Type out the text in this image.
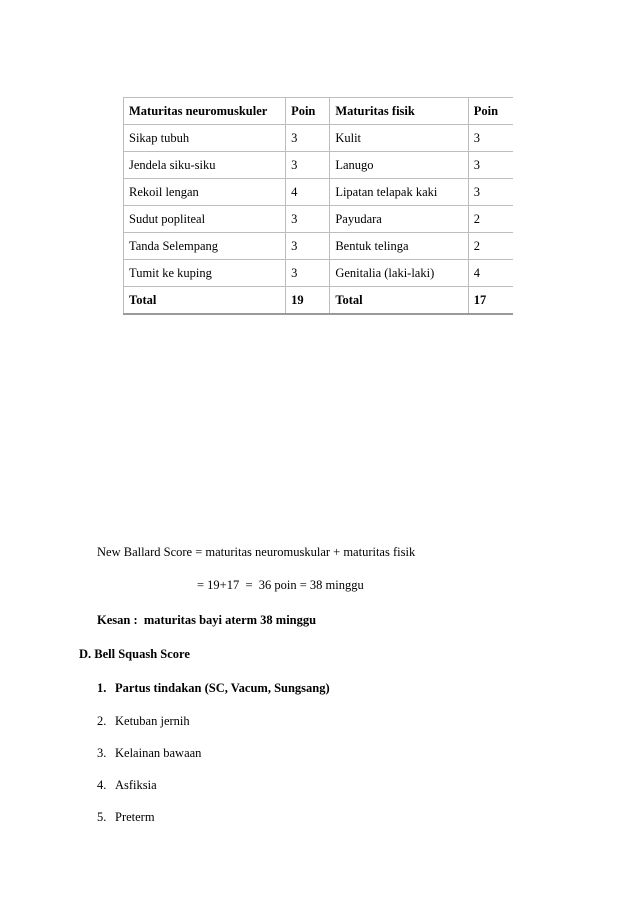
Maturitas neuromuskuler	Poin	Maturitas fisik	Poin
Sikap tubuh	3	Kulit	3
Jendela siku-siku	3	Lanugo	3
Rekoil lengan	4	Lipatan telapak kaki	3
Sudut popliteal	3	Payudara	2
Tanda Selempang	3	Bentuk telinga	2
Tumit ke kuping	3	Genitalia (laki-laki)	4
Total	19	Total	17
New Ballard Score = maturitas neuromuskular + maturitas fisik
= 19+17  =  36 poin = 38 minggu
Kesan :  maturitas bayi aterm 38 minggu
D. Bell Squash Score
1. Partus tindakan (SC, Vacum, Sungsang)
2. Ketuban jernih
3. Kelainan bawaan
4. Asfiksia
5. Preterm
